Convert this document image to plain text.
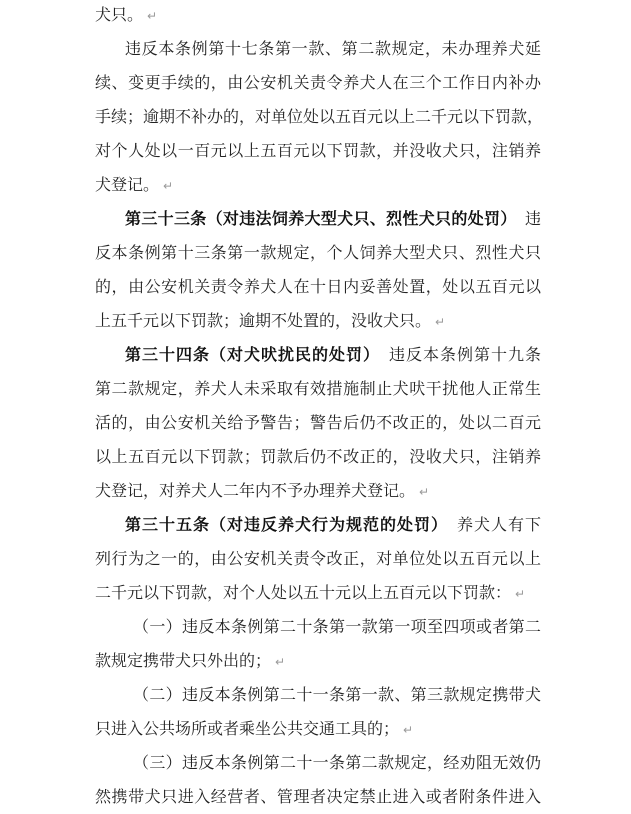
犬只。 ↵
违反本条例第十七条第一款、第二款规定，未办理养犬延
续、变更手续的，由公安机关责令养犬人在三个工作日内补办
手续；逾期不补办的，对单位处以五百元以上二千元以下罚款，
对个人处以一百元以上五百元以下罚款，并没收犬只，注销养
犬登记。 ↵
第三十三条（对违法饲养大型犬只、烈性犬只的处罚）　违
反本条例第十三条第一款规定，个人饲养大型犬只、烈性犬只
的，由公安机关责令养犬人在十日内妥善处置，处以五百元以
上五千元以下罚款；逾期不处置的，没收犬只。 ↵
第三十四条（对犬吠扰民的处罚）　违反本条例第十九条
第二款规定，养犬人未采取有效措施制止犬吠干扰他人正常生
活的，由公安机关给予警告；警告后仍不改正的，处以二百元
以上五百元以下罚款；罚款后仍不改正的，没收犬只，注销养
犬登记，对养犬人二年内不予办理养犬登记。 ↵
第三十五条（对违反养犬行为规范的处罚）　养犬人有下
列行为之一的，由公安机关责令改正，对单位处以五百元以上
二千元以下罚款，对个人处以五十元以上五百元以下罚款： ↵
（一）违反本条例第二十条第一款第一项至四项或者第二
款规定携带犬只外出的； ↵
（二）违反本条例第二十一条第一款、第三款规定携带犬
只进入公共场所或者乘坐公共交通工具的； ↵
（三）违反本条例第二十一条第二款规定，经劝阻无效仍
然携带犬只进入经营者、管理者决定禁止进入或者附条件进入
